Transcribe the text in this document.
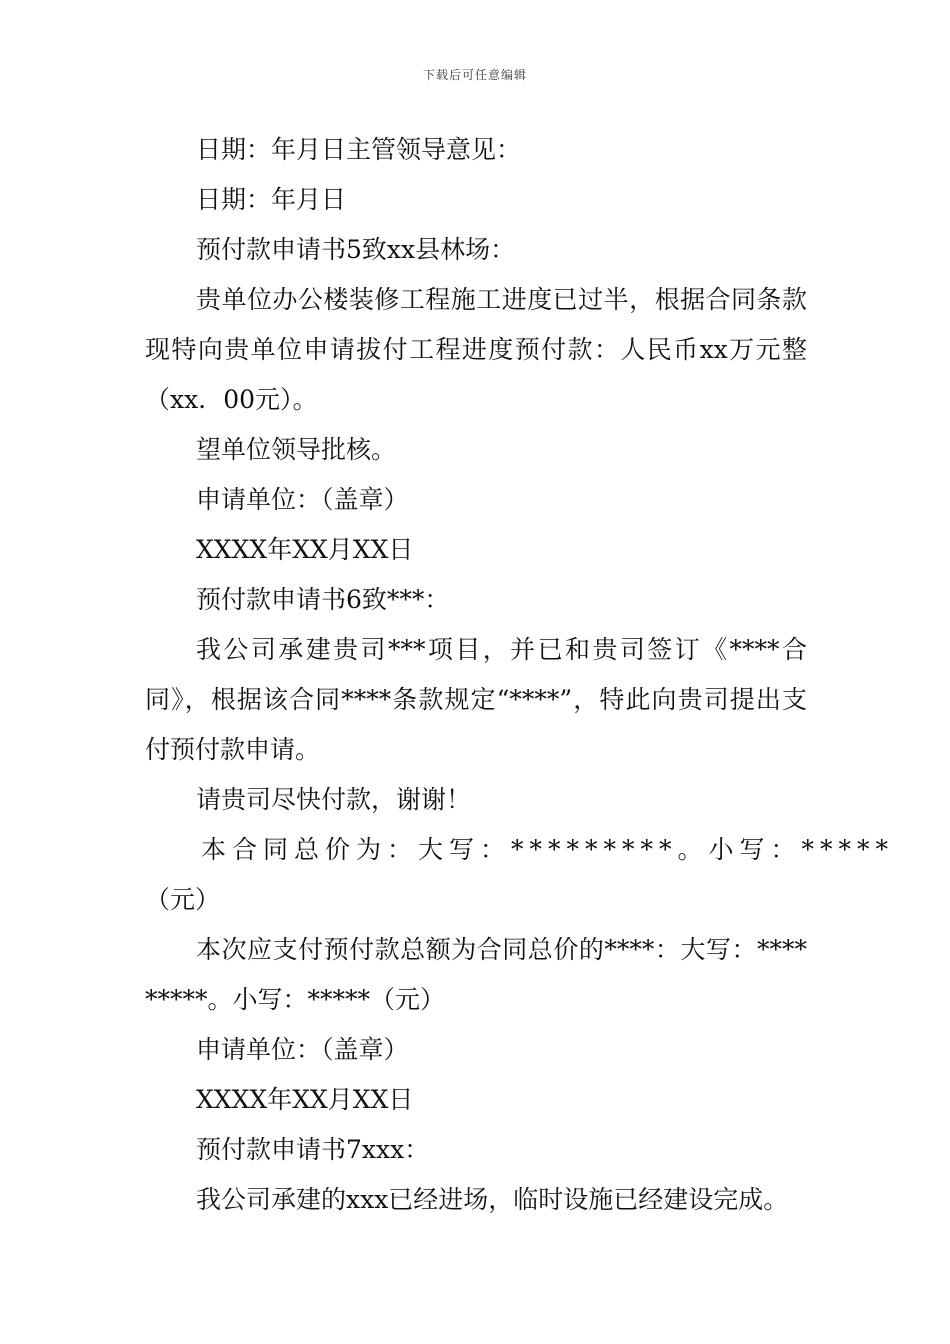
下载后可任意编辑

日期：年月日主管领导意见：

日期：年月日

预付款申请书5致xx县林场：

贵单位办公楼装修工程施工进度已过半，根据合同条款现特向贵单位申请拔付工程进度预付款：人民币xx万元整（xx．00元）。

望单位领导批核。

申请单位：（盖章）

XXXX年XX月XX日

预付款申请书6致***：

我公司承建贵司***项目，并已和贵司签订《****合同》，根据该合同****条款规定“****”，特此向贵司提出支付预付款申请。

请贵司尽快付款，谢谢！

本合同总价为：大写：*********。小写：*****

（元）

本次应支付预付款总额为合同总价的****：大写：*********。小写：*****（元）

申请单位：（盖章）

XXXX年XX月XX日

预付款申请书7xxx：

我公司承建的xxx已经进场，临时设施已经建设完成。
